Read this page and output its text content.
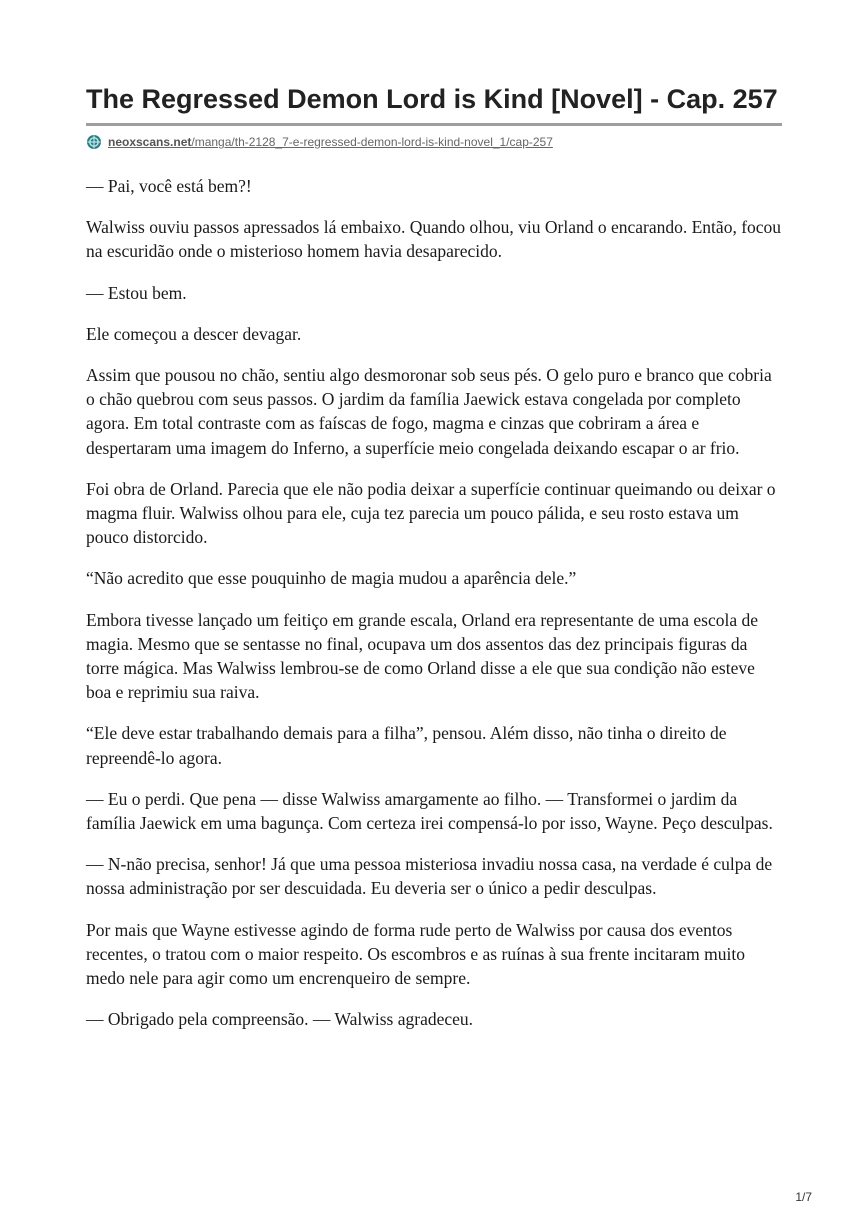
The Regressed Demon Lord is Kind [Novel] - Cap. 257
neoxscans.net/manga/th-2128_7-e-regressed-demon-lord-is-kind-novel_1/cap-257

— Pai, você está bem?!

Walwiss ouviu passos apressados lá embaixo. Quando olhou, viu Orland o encarando. Então, focou na escuridão onde o misterioso homem havia desaparecido.

— Estou bem.

Ele começou a descer devagar.

Assim que pousou no chão, sentiu algo desmoronar sob seus pés. O gelo puro e branco que cobria o chão quebrou com seus passos. O jardim da família Jaewick estava congelada por completo agora. Em total contraste com as faíscas de fogo, magma e cinzas que cobriram a área e despertaram uma imagem do Inferno, a superfície meio congelada deixando escapar o ar frio.

Foi obra de Orland. Parecia que ele não podia deixar a superfície continuar queimando ou deixar o magma fluir. Walwiss olhou para ele, cuja tez parecia um pouco pálida, e seu rosto estava um pouco distorcido.

“Não acredito que esse pouquinho de magia mudou a aparência dele.”

Embora tivesse lançado um feitiço em grande escala, Orland era representante de uma escola de magia. Mesmo que se sentasse no final, ocupava um dos assentos das dez principais figuras da torre mágica. Mas Walwiss lembrou-se de como Orland disse a ele que sua condição não esteve boa e reprimiu sua raiva.

“Ele deve estar trabalhando demais para a filha”, pensou. Além disso, não tinha o direito de repreendê-lo agora.

— Eu o perdi. Que pena — disse Walwiss amargamente ao filho. — Transformei o jardim da família Jaewick em uma bagunça. Com certeza irei compensá-lo por isso, Wayne. Peço desculpas.

— N-não precisa, senhor! Já que uma pessoa misteriosa invadiu nossa casa, na verdade é culpa de nossa administração por ser descuidada. Eu deveria ser o único a pedir desculpas.

Por mais que Wayne estivesse agindo de forma rude perto de Walwiss por causa dos eventos recentes, o tratou com o maior respeito. Os escombros e as ruínas à sua frente incitaram muito medo nele para agir como um encrenqueiro de sempre.

— Obrigado pela compreensão. — Walwiss agradeceu.

1/7
